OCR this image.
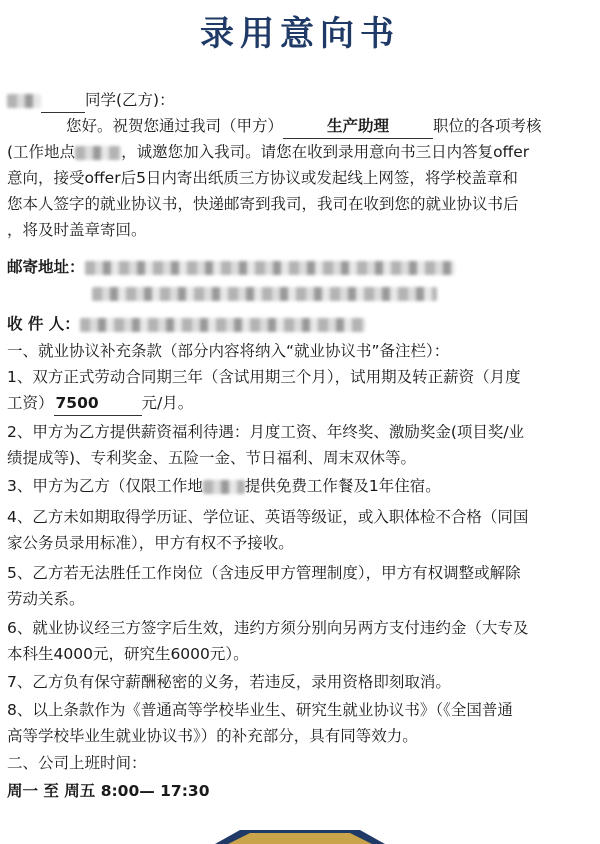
录用意向书
同学(乙方)：
您好。祝贺您通过我司（甲方）	生产助理	职位的各项考核
(工作地点	，诚邀您加入我司。请您在收到录用意向书三日内答复offer
意向，接受offer后5日内寄出纸质三方协议或发起线上网签，将学校盖章和
您本人签字的就业协议书，快递邮寄到我司，我司在收到您的就业协议书后
，将及时盖章寄回。
邮寄地址：
收 件 人：
一、就业协议补充条款（部分内容将纳入“就业协议书”备注栏）：
1、双方正式劳动合同期三年（含试用期三个月），试用期及转正薪资（月度
工资） 7500	元/月。
2、甲方为乙方提供薪资福利待遇：月度工资、年终奖、激励奖金(项目奖/业
绩提成等)、专利奖金、五险一金、节日福利、周末双休等。
3、甲方为乙方（仅限工作地	提供免费工作餐及1年住宿。
4、乙方未如期取得学历证、学位证、英语等级证，或入职体检不合格（同国
家公务员录用标准），甲方有权不予接收。
5、乙方若无法胜任工作岗位（含违反甲方管理制度），甲方有权调整或解除
劳动关系。
6、就业协议经三方签字后生效，违约方须分别向另两方支付违约金（大专及
本科生4000元，研究生6000元）。
7、乙方负有保守薪酬秘密的义务，若违反，录用资格即刻取消。
8、以上条款作为《普通高等学校毕业生、研究生就业协议书》（《全国普通
高等学校毕业生就业协议书》）的补充部分，具有同等效力。
二、公司上班时间：
周一 至 周五 8:00— 17:30
